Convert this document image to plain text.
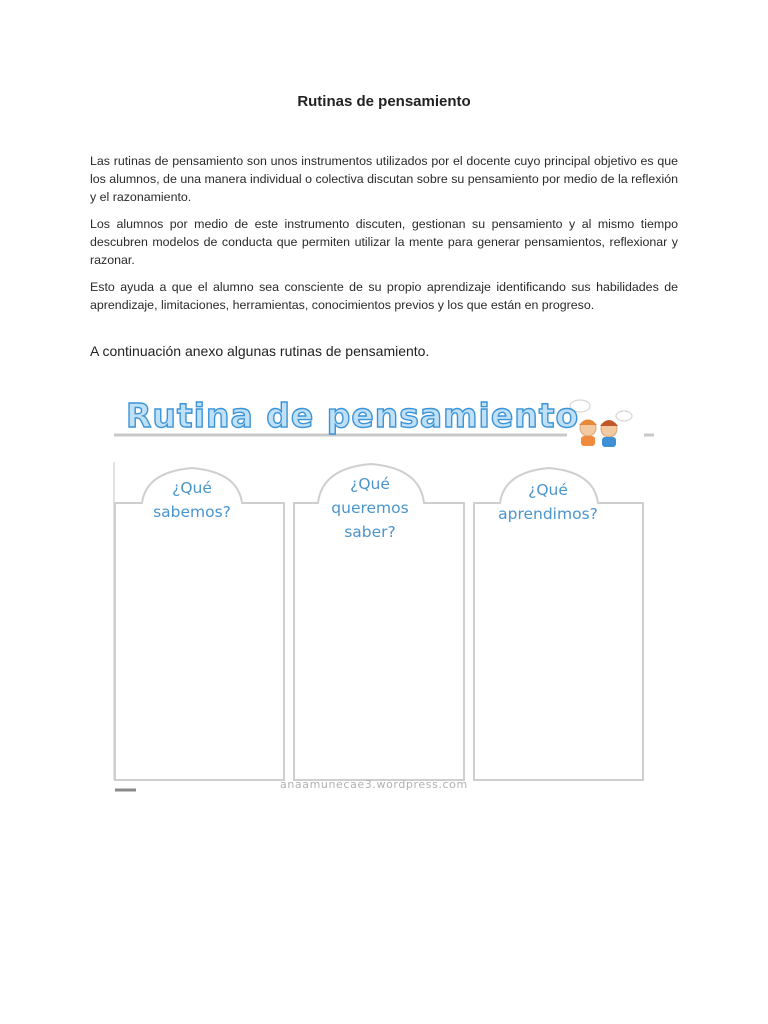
Rutinas de pensamiento

Las rutinas de pensamiento son unos instrumentos utilizados por el docente cuyo principal objetivo es que los alumnos, de una manera individual o colectiva discutan sobre su pensamiento por medio de la reflexión y el razonamiento.

Los alumnos por medio de este instrumento discuten, gestionan su pensamiento y al mismo tiempo descubren modelos de conducta que permiten utilizar la mente para generar pensamientos, reflexionar y razonar.

Esto ayuda a que el alumno sea consciente de su propio aprendizaje identificando sus habilidades de aprendizaje, limitaciones, herramientas, conocimientos previos y los que están en progreso.

A continuación anexo algunas rutinas de pensamiento.
Rutina de pensamiento
¿Qué
sabemos?
¿Qué
queremos
saber?
¿Qué
aprendimos?
anaamunecae3.wordpress.com
